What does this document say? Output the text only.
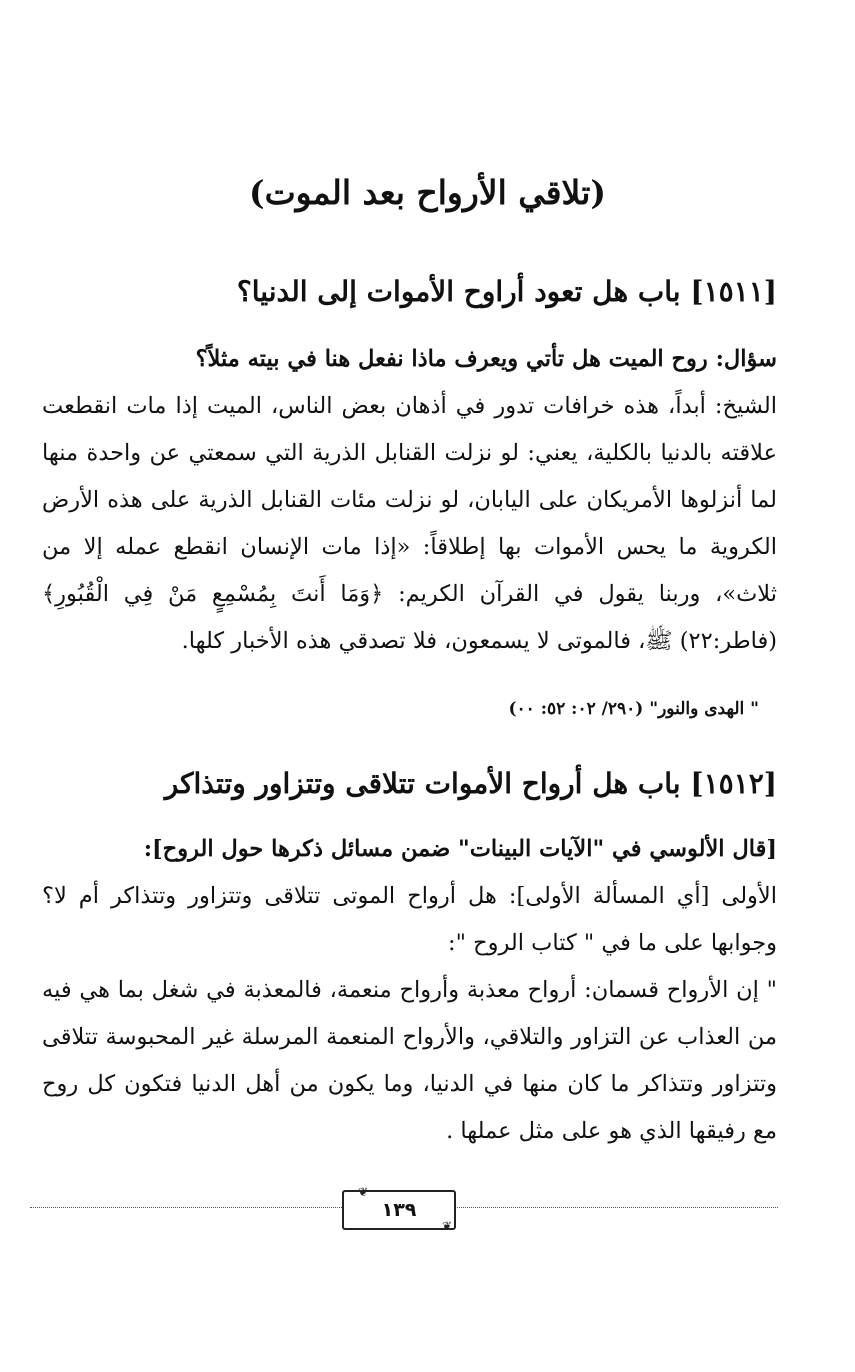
(تلاقي الأرواح بعد الموت)
[١٥١١] باب هل تعود أراوح الأموات إلى الدنيا؟

سؤال: روح الميت هل تأتي ويعرف ماذا نفعل هنا في بيته مثلاً؟

الشيخ: أبداً، هذه خرافات تدور في أذهان بعض الناس، الميت إذا مات انقطعت علاقته بالدنيا بالكلية، يعني: لو نزلت القنابل الذرية التي سمعتي عن واحدة منها لما أنزلوها الأمريكان على اليابان، لو نزلت مئات القنابل الذرية على هذه الأرض الكروية ما يحس الأموات بها إطلاقاً: «إذا مات الإنسان انقطع عمله إلا من ثلاث»، وربنا يقول في القرآن الكريم: ﴿وَمَا أَنتَ بِمُسْمِعٍ مَنْ فِي الْقُبُورِ﴾ (فاطر:٢٢) ﷺ، فالموتى لا يسمعون، فلا تصدقي هذه الأخبار كلها.

" الهدى والنور" (٢٩٠/ ٠٢: ٥٢: ٠٠)

[١٥١٢] باب هل أرواح الأموات تتلاقى وتتزاور وتتذاكر

[قال الألوسي في "الآيات البينات" ضمن مسائل ذكرها حول الروح]:

الأولى [أي المسألة الأولى]: هل أرواح الموتى تتلاقى وتتزاور وتتذاكر أم لا؟ وجوابها على ما في " كتاب الروح ":

" إن الأرواح قسمان: أرواح معذبة وأرواح منعمة، فالمعذبة في شغل بما هي فيه من العذاب عن التزاور والتلاقي، والأرواح المنعمة المرسلة غير المحبوسة تتلاقى وتتزاور وتتذاكر ما كان منها في الدنيا، وما يكون من أهل الدنيا فتكون كل روح مع رفيقها الذي هو على مثل عملها .

١٣٩
❦
❦
